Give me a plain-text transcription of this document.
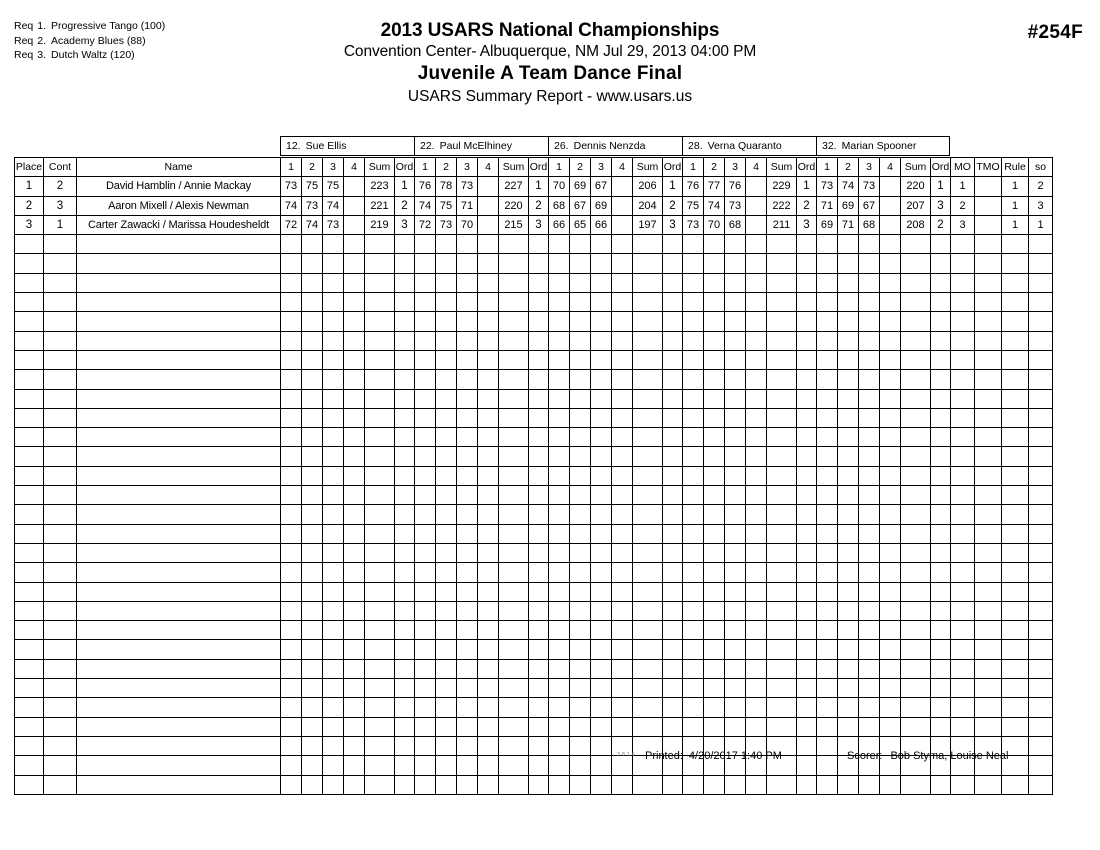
Req 1. Progressive Tango (100)
Req 2. Academy Blues (88)
Req 3. Dutch Waltz (120)
2013 USARS National Championships
Convention Center- Albuquerque, NM Jul 29, 2013 04:00 PM
Juvenile A Team Dance Final
USARS Summary Report - www.usars.us
#254F
12. Sue Ellis	22. Paul McElhiney	26. Dennis Nenzda	28. Verna Quaranto	32. Marian Spooner
Place	Cont	Name	1	2	3	4	Sum	Ord	1	2	3	4	Sum	Ord	1	2	3	4	Sum	Ord	1	2	3	4	Sum	Ord	1	2	3	4	Sum	Ord	MO	TMO	Rule	so
1	2	David Hamblin / Annie Mackay	73	75	75		223	1	76	78	73		227	1	70	69	67		206	1	76	77	76		229	1	73	74	73		220	1	1		1	2
2	3	Aaron Mixell / Alexis Newman	74	73	74		221	2	74	75	71		220	2	68	67	69		204	2	75	74	73		222	2	71	69	67		207	3	2		1	3
3	1	Carter Zawacki / Marissa Houdesheldt	72	74	73		219	3	72	73	70		215	3	66	65	66		197	3	73	70	68		211	3	69	71	68		208	2	3		1	1

3.8.1.6 Printed: 4/20/2017 1:40 PM	Scorer: Bob Styma, Louise Neal
